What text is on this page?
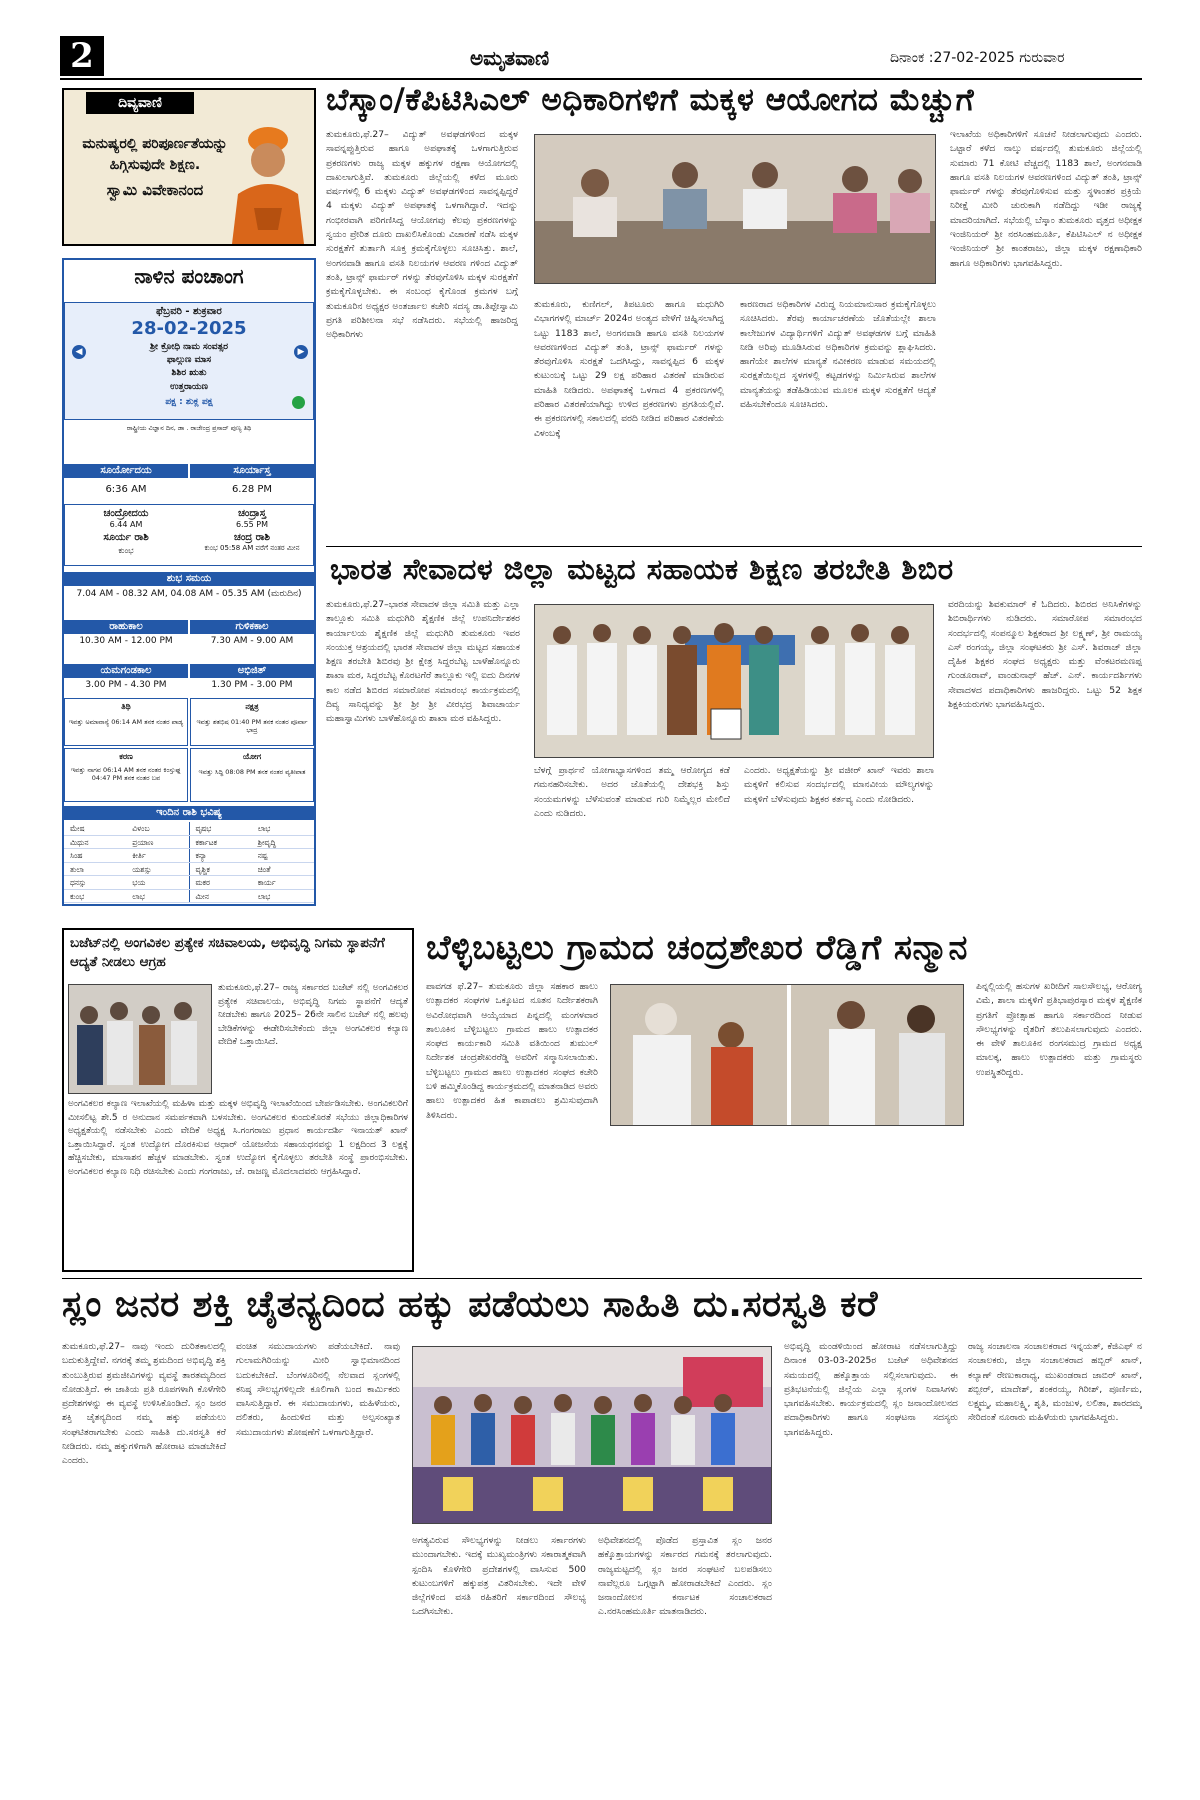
2	ಅಮೃತವಾಣಿ	ದಿನಾಂಕ :27-02-2025 ಗುರುವಾರ
ದಿವ್ಯವಾಣಿ
ಮನುಷ್ಯರಲ್ಲಿ ಪರಿಪೂರ್ಣತೆಯನ್ನು ಹಿಗ್ಗಿಸುವುದೇ ಶಿಕ್ಷಣ.
ಸ್ವಾಮಿ ವಿವೇಕಾನಂದ
ನಾಳಿನ ಪಂಚಾಂಗ
ಫೆಬ್ರವರಿ - ಶುಕ್ರವಾರ
28-02-2025
◀	▶
ಶ್ರೀ ಕ್ರೋಧಿ ನಾಮ ಸಂವತ್ಸರ
ಫಾಲ್ಗುಣ ಮಾಸ
ಶಿಶಿರ ಋತು
ಉತ್ತರಾಯಣ
ಪಕ್ಷ : ಶುಕ್ಲ ಪಕ್ಷ
ರಾಷ್ಟ್ರೀಯ ವಿಜ್ಞಾನ ದಿನ, ಡಾ . ರಾಜೇಂದ್ರ ಪ್ರಸಾದ್ ಪುಣ್ಯ ತಿಥಿ
ಸೂರ್ಯೋದಯ	ಸೂರ್ಯಾಸ್ತ
6:36 AM	6.28 PM
ಚಂದ್ರೋದಯ	ಚಂದ್ರಾಸ್ತ
6.44 AM	6.55 PM
ಸೂರ್ಯ ರಾಶಿ	ಚಂದ್ರ ರಾಶಿ
ಕುಂಭ	ಕುಂಭ 05:58 AM ವರೆಗೆ ನಂತರ ಮೀನ
ಶುಭ ಸಮಯ
7.04 AM - 08.32 AM, 04.08 AM - 05.35 AM (ಮರುದಿನ)
ರಾಹುಕಾಲ	ಗುಳಿಕಕಾಲ
10.30 AM - 12.00 PM	7.30 AM - 9.00 AM
ಯಮಗಂಡಕಾಲ	ಅಭಿಜಿತ್
3.00 PM - 4.30 PM	1.30 PM - 3.00 PM
ತಿಥಿ	ನಕ್ಷತ್ರ
ಇವತ್ತು ಅಮಾವಾಸ್ಯೆ 06:14 AM ತನಕ ನಂತರ ಪಾಡ್ಯ	ಇವತ್ತು ಶತಭಿಷ 01:40 PM ತನಕ ನಂತರ ಪೂರ್ವಾ ಭಾದ್ರ
ಕರಣ	ಯೋಗ
ಇವತ್ತು ನಾಗವ 06:14 AM ತನಕ ನಂತರ ಕಿಂಸ್ತುಘ್ನ 04:47 PM ತನಕ ನಂತರ ಬವ
ಇವತ್ತು ಸಿದ್ಧಿ 08:08 PM ತನಕ ನಂತರ ವ್ಯತೀಪಾತ
ಇಂದಿನ ರಾಶಿ ಭವಿಷ್ಯ
ಮೇಷ	ವಿಳಂಬ	ವೃಷಭ	ಲಾಭ
ಮಿಥುನ	ಪ್ರಯಾಣ	ಕರ್ಕಾಟಕ	ಶ್ರೀವೃದ್ಧಿ
ಸಿಂಹ	ಕೀರ್ತಿ	ಕನ್ಯಾ	ನಷ್ಟ
ತುಲಾ	ಯಶಸ್ಸು	ವೃಶ್ಚಿಕ	ಚಿಂತೆ
ಧನಸ್ಸು	ಭಯ	ಮಕರ	ಕಾರ್ಯ
ಕುಂಭ	ಲಾಭ	ಮೀನ	ಲಾಭ
ಬೆಸ್ಕಾಂ/ಕೆಪಿಟಿಸಿಎಲ್ ಅಧಿಕಾರಿಗಳಿಗೆ ಮಕ್ಕಳ ಆಯೋಗದ ಮೆಚ್ಚುಗೆ
ತುಮಕೂರು,ಫೆ.27– ವಿದ್ಯುತ್ ಅವಘಡಗಳಿಂದ ಮಕ್ಕಳ ಸಾವನ್ನಪ್ಪುತ್ತಿರುವ ಹಾಗೂ ಅಪಘಾತಕ್ಕೆ ಒಳಗಾಗುತ್ತಿರುವ ಪ್ರಕರಣಗಳು ರಾಜ್ಯ ಮಕ್ಕಳ ಹಕ್ಕುಗಳ ರಕ್ಷಣಾ ಆಯೋಗದಲ್ಲಿ ದಾಖಲಾಗುತ್ತಿವೆ. ತುಮಕೂರು ಜಿಲ್ಲೆಯಲ್ಲಿ ಕಳೆದ ಮೂರು ವರ್ಷಗಳಲ್ಲಿ 6 ಮಕ್ಕಳು ವಿದ್ಯುತ್ ಅವಘಡಗಳಿಂದ ಸಾವನ್ನಪ್ಪಿದ್ದರೆ 4 ಮಕ್ಕಳು ವಿದ್ಯುತ್ ಅಪಘಾತಕ್ಕೆ ಒಳಗಾಗಿದ್ದಾರೆ. ಇದನ್ನು ಗಂಭೀರವಾಗಿ ಪರಿಗಣಿಸಿದ್ದ ಆಯೋಗವು ಕೆಲವು ಪ್ರಕರಣಗಳನ್ನು ಸ್ವಯಂ ಪ್ರೇರಿತ ದೂರು ದಾಖಲಿಸಿಕೊಂಡು ವಿಚಾರಣೆ ನಡೆಸಿ ಮಕ್ಕಳ ಸುರಕ್ಷತೆಗೆ ತುರ್ತಾಗಿ ಸೂಕ್ತ ಕ್ರಮಕೈಗೊಳ್ಳಲು ಸೂಚಿಸಿತ್ತು. ಶಾಲೆ, ಅಂಗನವಾಡಿ ಹಾಗೂ ವಸತಿ ನಿಲಯಗಳ ಆವರಣ ಗಳಿಂದ ವಿದ್ಯುತ್ ತಂತಿ, ಟ್ರಾನ್ಸ್ ಫಾರ್ಮರ್ ಗಳನ್ನು ತೆರವುಗೊಳಿಸಿ ಮಕ್ಕಳ ಸುರಕ್ಷತೆಗೆ ಕ್ರಮಕೈಗೊಳ್ಳಬೇಕು. ಈ ಸಂಬಂಧ ಕೈಗೊಂಡ ಕ್ರಮಗಳ ಬಗ್ಗೆ ತುಮಕೂರಿನ ಅಧ್ಯಕ್ಷರ ಅಂತರ್ಜಾಲ ಕಚೇರಿ ಸದಸ್ಯ ಡಾ.ತಿಪ್ಪೇಸ್ವಾಮಿ ಪ್ರಗತಿ ಪರಿಶೀಲನಾ ಸಭೆ ನಡೆಸಿದರು. ಸಭೆಯಲ್ಲಿ ಹಾಜರಿದ್ದ ಅಧಿಕಾರಿಗಳು
ತುಮಕೂರು, ಕುಣಿಗಲ್, ತಿಪಟೂರು ಹಾಗೂ ಮಧುಗಿರಿ ವಿಭಾಗಗಳಲ್ಲಿ ಮಾರ್ಚ್ 2024ರ ಅಂತ್ಯದ ವೇಳೆಗೆ ಚಿಹ್ನಿಸಲಾಗಿದ್ದ ಒಟ್ಟು 1183 ಶಾಲೆ, ಅಂಗನವಾಡಿ ಹಾಗೂ ವಸತಿ ನಿಲಯಗಳ ಆವರಣಗಳಿಂದ ವಿದ್ಯುತ್ ತಂತಿ, ಟ್ರಾನ್ಸ್ ಫಾರ್ಮರ್ ಗಳನ್ನು ತೆರವುಗೊಳಿಸಿ ಸುರಕ್ಷತೆ ಒದಗಿಸಿದ್ದು, ಸಾವನ್ನಪ್ಪಿದ 6 ಮಕ್ಕಳ ಕುಟುಂಬಕ್ಕೆ ಒಟ್ಟು 29 ಲಕ್ಷ ಪರಿಹಾರ ವಿತರಣೆ ಮಾಡಿರುವ ಮಾಹಿತಿ ನೀಡಿದರು. ಅಪಘಾತಕ್ಕೆ ಒಳಗಾದ 4 ಪ್ರಕರಣಗಳಲ್ಲಿ ಪರಿಹಾರ ವಿತರಣೆಯಾಗಿದ್ದು ಉಳಿದ ಪ್ರಕರಣಗಳು ಪ್ರಗತಿಯಲ್ಲಿವೆ. ಈ ಪ್ರಕರಣಗಳಲ್ಲಿ ಸಕಾಲದಲ್ಲಿ ವರದಿ ನೀಡಿದ ಪರಿಹಾರ ವಿತರಣೆಯ ವಿಳಂಬಕ್ಕೆ
ಕಾರಣರಾದ ಅಧಿಕಾರಿಗಳ ವಿರುದ್ಧ ನಿಯಮಾನುಸಾರ ಕ್ರಮಕೈಗೊಳ್ಳಲು ಸೂಚಿಸಿದರು. ತೆರವು ಕಾರ್ಯಾಚರಣೆಯ ಜೊತೆಯಲ್ಲೇ ಶಾಲಾ ಕಾಲೇಜುಗಳ ವಿದ್ಯಾರ್ಥಿಗಳಿಗೆ ವಿದ್ಯುತ್ ಅವಘಡಗಳ ಬಗ್ಗೆ ಮಾಹಿತಿ ನೀಡಿ ಅರಿವು ಮೂಡಿಸಿರುವ ಅಧಿಕಾರಿಗಳ ಕ್ರಮವನ್ನು ಶ್ಲಾಘಿಸಿದರು. ಹಾಗೆಯೇ ಶಾಲೆಗಳ ಮಾನ್ಯತೆ ನವೀಕರಣ ಮಾಡುವ ಸಮಯದಲ್ಲಿ ಸುರಕ್ಷತೆಯಿಲ್ಲದ ಸ್ಥಳಗಳಲ್ಲಿ ಕಟ್ಟಡಗಳನ್ನು ನಿರ್ಮಿಸಿರುವ ಶಾಲೆಗಳ ಮಾನ್ಯತೆಯನ್ನು ತಡೆಹಿಡಿಯುವ ಮೂಲಕ ಮಕ್ಕಳ ಸುರಕ್ಷತೆಗೆ ಆದ್ಯತೆ ವಹಿಸಬೇಕೆಂದೂ ಸೂಚಿಸಿದರು.
ಇಲಾಖೆಯ ಅಧಿಕಾರಿಗಳಿಗೆ ಸೂಚನೆ ನೀಡಲಾಗುವುದು ಎಂದರು. ಒಟ್ಟಾರೆ ಕಳೆದ ನಾಲ್ಕು ವರ್ಷದಲ್ಲಿ ತುಮಕೂರು ಜಿಲ್ಲೆಯಲ್ಲಿ ಸುಮಾರು 71 ಕೋಟಿ ವೆಚ್ಚದಲ್ಲಿ 1183 ಶಾಲೆ, ಅಂಗನವಾಡಿ ಹಾಗೂ ವಸತಿ ನಿಲಯಗಳ ಆವರಣಗಳಿಂದ ವಿದ್ಯುತ್ ತಂತಿ, ಟ್ರಾನ್ಸ್ ಫಾರ್ಮರ್ ಗಳನ್ನು ತೆರವುಗೊಳಿಸುವ ಮತ್ತು ಸ್ಥಳಾಂತರ ಪ್ರಕ್ರಿಯೆ ನಿರೀಕ್ಷೆ ಮೀರಿ ಚುರುಕಾಗಿ ನಡೆದಿದ್ದು ಇಡೀ ರಾಜ್ಯಕ್ಕೆ ಮಾದರಿಯಾಗಿದೆ. ಸಭೆಯಲ್ಲಿ ಬೆಸ್ಕಾಂ ತುಮಕೂರು ವೃತ್ತದ ಅಧೀಕ್ಷಕ ಇಂಜಿನಿಯರ್ ಶ್ರೀ ನರಸಿಂಹಮೂರ್ತಿ, ಕೆಪಿಟಿಸಿಎಲ್ ನ ಅಧೀಕ್ಷಕ ಇಂಜಿನಿಯರ್ ಶ್ರೀ ಕಾಂತರಾಜು, ಜಿಲ್ಲಾ ಮಕ್ಕಳ ರಕ್ಷಣಾಧಿಕಾರಿ ಹಾಗೂ ಅಧಿಕಾರಿಗಳು ಭಾಗವಹಿಸಿದ್ದರು.
ಭಾರತ ಸೇವಾದಳ ಜಿಲ್ಲಾ ಮಟ್ಟದ ಸಹಾಯಕ ಶಿಕ್ಷಣ ತರಬೇತಿ ಶಿಬಿರ
ತುಮಕೂರು,ಫೆ.27–ಭಾರತ ಸೇವಾದಳ ಜಿಲ್ಲಾ ಸಮಿತಿ ಮತ್ತು ಎಲ್ಲಾ ತಾಲ್ಲೂಕು ಸಮಿತಿ ಮಧುಗಿರಿ ಶೈಕ್ಷಣಿಕ ಜಿಲ್ಲೆ ಉಪನಿರ್ದೇಶಕರ ಕಾರ್ಯಾಲಯ ಶೈಕ್ಷಣಿಕ ಜಿಲ್ಲೆ ಮಧುಗಿರಿ ತುಮಕೂರು ಇವರ ಸಂಯುಕ್ತ ಆಶ್ರಯದಲ್ಲಿ ಭಾರತ ಸೇವಾದಳ ಜಿಲ್ಲಾ ಮಟ್ಟದ ಸಹಾಯಕ ಶಿಕ್ಷಣ ತರಬೇತಿ ಶಿಬಿರವು ಶ್ರೀ ಕ್ಷೇತ್ರ ಸಿದ್ದರಬೆಟ್ಟ ಬಾಳೆಹೊನ್ನೂರು ಶಾಖಾ ಮಠ, ಸಿದ್ದರಬೆಟ್ಟ ಕೊರಟಗೆರೆ ತಾಲ್ಲೂಕು ಇಲ್ಲಿ ಐದು ದಿನಗಳ ಕಾಲ ನಡೆದ ಶಿಬಿರದ ಸಮಾರೋಪ ಸಮಾರಂಭ ಕಾರ್ಯಕ್ರಮದಲ್ಲಿ ದಿವ್ಯ ಸಾನಿಧ್ಯವನ್ನು ಶ್ರೀ ಶ್ರೀ ಶ್ರೀ ವೀರಭದ್ರ ಶಿವಾಚಾರ್ಯ ಮಹಾಸ್ವಾಮಿಗಳು ಬಾಳೆಹೊನ್ನೂರು ಶಾಖಾ ಮಠ ವಹಿಸಿದ್ದರು.
ಬೆಳಗ್ಗೆ ಪ್ರಾರ್ಥನೆ ಯೋಗಾಭ್ಯಾಸಗಳಿಂದ ತಮ್ಮ ಆರೋಗ್ಯದ ಕಡೆ ಗಮನಹರಿಸಬೇಕು. ಅದರ ಜೊತೆಯಲ್ಲಿ ದೇಶಭಕ್ತಿ ಶಿಸ್ತು ಸಂಯಮಗಳನ್ನು ಬೆಳೆಸುವಂತೆ ಮಾಡುವ ಗುರಿ ನಿಮ್ಮೆಲ್ಲರ ಮೇಲಿದೆ ಎಂದು ನುಡಿದರು.
ಎಂದರು. ಅಧ್ಯಕ್ಷತೆಯನ್ನು ಶ್ರೀ ವಜೀರ್ ಖಾನ್ ಇವರು ಶಾಲಾ ಮಕ್ಕಳಿಗೆ ಕಲಿಸುವ ಸಂದರ್ಭದಲ್ಲಿ ಮಾನವೀಯ ಮೌಲ್ಯಗಳನ್ನು ಮಕ್ಕಳಿಗೆ ಬೆಳೆಸುವುದು ಶಿಕ್ಷಕರ ಕರ್ತವ್ಯ ಎಂದು ನೋಡಿದರು.
ವರದಿಯನ್ನು ಶಿವಕುಮಾರ್ ಕೆ ಓದಿದರು. ಶಿಬಿರದ ಅನಿಸಿಕೆಗಳನ್ನು ಶಿಬಿರಾರ್ಥಿಗಳು ನುಡಿದರು. ಸಮಾರೋಪ ಸಮಾರಂಭದ ಸಂದರ್ಭದಲ್ಲಿ ಸಂಪನ್ಮೂಲ ಶಿಕ್ಷಕರಾದ ಶ್ರೀ ಲಕ್ಷ್ಮಣ್, ಶ್ರೀ ರಾಮಯ್ಯ ಎಸ್ ರಂಗಯ್ಯ, ಜಿಲ್ಲಾ ಸಂಘಟಕರು ಶ್ರೀ ಎಸ್. ಶಿವರಾಜ್ ಜಿಲ್ಲಾ ದೈಹಿಕ ಶಿಕ್ಷಕರ ಸಂಘದ ಅಧ್ಯಕ್ಷರು ಮತ್ತು ವೆಂಕಟರಮಣಪ್ಪ ಗುಂಡೂರಾವ್, ವಾಂಡುನಾಥ್ ಹೆಚ್. ಎನ್. ಕಾರ್ಯದರ್ಶಿಗಳು ಸೇವಾದಳದ ಪದಾಧಿಕಾರಿಗಳು ಹಾಜರಿದ್ದರು. ಒಟ್ಟು 52 ಶಿಕ್ಷಕ ಶಿಕ್ಷಕಿಯರುಗಳು ಭಾಗವಹಿಸಿದ್ದರು.
ಬಜೆಟ್‌ನಲ್ಲಿ ಅಂಗವಿಕಲ ಪ್ರತ್ಯೇಕ ಸಚಿವಾಲಯ, ಅಭಿವೃದ್ಧಿ ನಿಗಮ ಸ್ಥಾಪನೆಗೆ ಆದ್ಯತೆ ನೀಡಲು ಆಗ್ರಹ
ತುಮಕೂರು,ಫೆ.27– ರಾಜ್ಯ ಸರ್ಕಾರದ ಬಜೆಟ್ ನಲ್ಲಿ ಅಂಗವಿಕಲರ ಪ್ರತ್ಯೇಕ ಸಚಿವಾಲಯ, ಅಭಿವೃದ್ಧಿ ನಿಗಮ ಸ್ಥಾಪನೆಗೆ ಆದ್ಯತೆ ನೀಡಬೇಕು ಹಾಗೂ 2025– 26ನೇ ಸಾಲಿನ ಬಜೆಟ್ ನಲ್ಲಿ ಹಲವು ಬೇಡಿಕೆಗಳನ್ನು ಈಡೇರಿಸಬೇಕೆಂದು ಜಿಲ್ಲಾ ಅಂಗವಿಕಲರ ಕಲ್ಯಾಣ ವೇದಿಕೆ ಒತ್ತಾಯಿಸಿದೆ.
ಅಂಗವಿಕಲರ ಕಲ್ಯಾಣ ಇಲಾಖೆಯಲ್ಲಿ ಮಹಿಳಾ ಮತ್ತು ಮಕ್ಕಳ ಅಭಿವೃದ್ಧಿ ಇಲಾಖೆಯಿಂದ ಬೇರ್ಪಡಿಸಬೇಕು. ಅಂಗವಿಕಲರಿಗೆ ಮೀಸಲಿಟ್ಟ ಶೇ.5 ರ ಅನುದಾನ ಸಮರ್ಪಕವಾಗಿ ಬಳಸಬೇಕು. ಅಂಗವಿಕಲರ ಕುಂದುಕೊರತೆ ಸಭೆಯು ಜಿಲ್ಲಾಧಿಕಾರಿಗಳ ಅಧ್ಯಕ್ಷತೆಯಲ್ಲಿ ನಡೆಸಬೇಕು ಎಂದು ವೇದಿಕೆ ಅಧ್ಯಕ್ಷ ಸಿ.ಗಂಗರಾಜು ಪ್ರಧಾನ ಕಾರ್ಯದರ್ಶಿ ಇನಾಯತ್ ಖಾನ್ ಒತ್ತಾಯಿಸಿದ್ದಾರೆ. ಸ್ವಂತ ಉದ್ಯೋಗ ದೊರಕಿಸುವ ಆಧಾರ್ ಯೋಜನೆಯ ಸಹಾಯಧನವನ್ನು 1 ಲಕ್ಷದಿಂದ 3 ಲಕ್ಷಕ್ಕೆ ಹೆಚ್ಚಿಸಬೇಕು, ಮಾಸಾಶನ ಹೆಚ್ಚಳ ಮಾಡಬೇಕು. ಸ್ವಂತ ಉದ್ಯೋಗ ಕೈಗೊಳ್ಳಲು ತರಬೇತಿ ಸಂಸ್ಥೆ ಪ್ರಾರಂಭಿಸಬೇಕು. ಅಂಗವಿಕಲರ ಕಲ್ಯಾಣ ನಿಧಿ ರಚಿಸಬೇಕು ಎಂದು ಗಂಗರಾಜು, ಜೆ. ರಾಜಣ್ಣ ಮೊದಲಾದವರು ಆಗ್ರಹಿಸಿದ್ದಾರೆ.
ಬೆಳ್ಳಿಬಟ್ಟಲು ಗ್ರಾಮದ ಚಂದ್ರಶೇಖರ ರೆಡ್ಡಿಗೆ ಸನ್ಮಾನ
ಪಾವಗಡ ಫೆ.27– ತುಮಕೂರು ಜಿಲ್ಲಾ ಸಹಕಾರ ಹಾಲು ಉತ್ಪಾದಕರ ಸಂಘಗಳ ಒಕ್ಕೂಟದ ನೂತನ ನಿರ್ದೇಶಕರಾಗಿ ಅವಿರೋಧವಾಗಿ ಆಯ್ಕೆಯಾದ ಪಿನ್ನದಲ್ಲಿ ಮಂಗಳವಾರ ತಾಲೂಕಿನ ಬೆಳ್ಳಿಬಟ್ಟಲು ಗ್ರಾಮದ ಹಾಲು ಉತ್ಪಾದಕರ ಸಂಘದ ಕಾರ್ಯಕಾರಿ ಸಮಿತಿ ವತಿಯಿಂದ ತುಮುಲ್ ನಿರ್ದೇಶಕ ಚಂದ್ರಶೇಖರರೆಡ್ಡಿ ಅವರಿಗೆ ಸನ್ಮಾನಿಸಲಾಯಿತು. ಬೆಳ್ಳಿಬಟ್ಟಲು ಗ್ರಾಮದ ಹಾಲು ಉತ್ಪಾದಕರ ಸಂಘದ ಕಚೇರಿ ಬಳಿ ಹಮ್ಮಿಕೊಂಡಿದ್ದ ಕಾರ್ಯಕ್ರಮದಲ್ಲಿ ಮಾತನಾಡಿದ ಅವರು ಹಾಲು ಉತ್ಪಾದಕರ ಹಿತ ಕಾಪಾಡಲು ಶ್ರಮಿಸುವುದಾಗಿ ತಿಳಿಸಿದರು.
ಪಿನ್ನಲ್ಲಿಯಲ್ಲಿ ಹಸುಗಳ ಖರೀದಿಗೆ ಸಾಲಸೌಲಭ್ಯ, ಆರೋಗ್ಯ ವಿಮೆ, ಶಾಲಾ ಮಕ್ಕಳಿಗೆ ಪ್ರತಿಭಾಪುರಸ್ಕಾರ ಮಕ್ಕಳ ಶೈಕ್ಷಣಿಕ ಪ್ರಗತಿಗೆ ಪ್ರೋತ್ಸಾಹ ಹಾಗೂ ಸರ್ಕಾರದಿಂದ ನೀಡುವ ಸೌಲಭ್ಯಗಳನ್ನು ರೈತರಿಗೆ ತಲುಪಿಸಲಾಗುವುದು ಎಂದರು. ಈ ವೇಳೆ ತಾಲೂಕಿನ ರಂಗಸಮುದ್ರ ಗ್ರಾಮದ ಅಧ್ಯಕ್ಷ ಮಾಲಕ್ಕ, ಹಾಲು ಉತ್ಪಾದಕರು ಮತ್ತು ಗ್ರಾಮಸ್ಥರು ಉಪಸ್ಥಿತರಿದ್ದರು.
ಸ್ಲಂ ಜನರ ಶಕ್ತಿ ಚೈತನ್ಯದಿಂದ ಹಕ್ಕು ಪಡೆಯಲು ಸಾಹಿತಿ ದು.ಸರಸ್ವತಿ ಕರೆ
ತುಮಕೂರು,ಫೆ.27– ನಾವು ಇಂದು ದುರಿತಕಾಲದಲ್ಲಿ ಬದುಕುತ್ತಿದ್ದೇವೆ. ನಗರಕ್ಕೆ ತಮ್ಮ ಶ್ರಮದಿಂದ ಅಭಿವೃದ್ಧಿ ಶಕ್ತಿ ತುಂಬುತ್ತಿರುವ ಶ್ರಮಜೀವಿಗಳನ್ನು ವ್ಯವಸ್ಥೆ ತಾರತಮ್ಯದಿಂದ ನೋಡುತ್ತಿದೆ. ಈ ಜಾತಿಯ ಪ್ರತಿ ರೂಪಗಳಾಗಿ ಕೊಳೆಗೇರಿ ಪ್ರದೇಶಗಳನ್ನು ಈ ವ್ಯವಸ್ಥೆ ಉಳಿಸಿಕೊಂಡಿದೆ. ಸ್ಲಂ ಜನರ ಶಕ್ತಿ ಚೈತನ್ಯದಿಂದ ನಮ್ಮ ಹಕ್ಕು ಪಡೆಯಲು ಸಂಘಟಿತರಾಗಬೇಕು ಎಂದು ಸಾಹಿತಿ ದು.ಸರಸ್ವತಿ ಕರೆ ನೀಡಿದರು. ನಮ್ಮ ಹಕ್ಕುಗಳಿಗಾಗಿ ಹೋರಾಟ ಮಾಡಬೇಕಿದೆ ಎಂದರು.
ವಂಚಿತ ಸಮುದಾಯಗಳು ಪಡೆಯಬೇಕಿದೆ. ನಾವು ಗುಲಾಮಗಿರಿಯನ್ನು ಮೀರಿ ಸ್ವಾಭಿಮಾನದಿಂದ ಬದುಕಬೇಕಿದೆ. ಬೆಂಗಳೂರಿನಲ್ಲಿ ನೆಲವಾದ ಸ್ಲಂಗಳಲ್ಲಿ ಕನಿಷ್ಠ ಸೌಲಭ್ಯಗಳಿಲ್ಲದೇ ಕೂಲಿಗಾಗಿ ಬಂದ ಕಾರ್ಮಿಕರು ವಾಸಿಸುತ್ತಿದ್ದಾರೆ. ಈ ಸಮುದಾಯಗಳು, ಮಹಿಳೆಯರು, ದಲಿತರು, ಹಿಂದುಳಿದ ಮತ್ತು ಅಲ್ಪಸಂಖ್ಯಾತ ಸಮುದಾಯಗಳು ಶೋಷಣೆಗೆ ಒಳಗಾಗುತ್ತಿದ್ದಾರೆ.
ಅಗತ್ಯವಿರುವ ಸೌಲಭ್ಯಗಳನ್ನು ನೀಡಲು ಸರ್ಕಾರಗಳು ಮುಂದಾಗಬೇಕು. ಇದಕ್ಕೆ ಮುಖ್ಯಮಂತ್ರಿಗಳು ಸಕಾರಾತ್ಮಕವಾಗಿ ಸ್ಪಂದಿಸಿ ಕೊಳೆಗೇರಿ ಪ್ರದೇಶಗಳಲ್ಲಿ ವಾಸಿಸುವ 500 ಕುಟುಂಬಗಳಿಗೆ ಹಕ್ಕುಪತ್ರ ವಿತರಿಸಬೇಕು. ಇದೇ ವೇಳೆ ಜಿಲ್ಲೆಗಳಿಂದ ವಸತಿ ರಹಿತರಿಗೆ ಸರ್ಕಾರದಿಂದ ಸೌಲಭ್ಯ ಒದಗಿಸಬೇಕು.
ಅಧಿವೇಶನದಲ್ಲಿ ಪೊಡೆದ ಪ್ರಸ್ತಾವಿತ ಸ್ಲಂ ಜನರ ಹಕ್ಕೊತ್ತಾಯಗಳನ್ನು ಸರ್ಕಾರದ ಗಮನಕ್ಕೆ ತರಲಾಗುವುದು. ರಾಜ್ಯಮಟ್ಟದಲ್ಲಿ ಸ್ಲಂ ಜನರ ಸಂಘಟನೆ ಬಲಪಡಿಸಲು ನಾವೆಲ್ಲರೂ ಒಗ್ಗಟ್ಟಾಗಿ ಹೋರಾಡಬೇಕಿದೆ ಎಂದರು. ಸ್ಲಂ ಜನಾಂದೋಲನ ಕರ್ನಾಟಕ ಸಂಚಾಲಕರಾದ ಎ.ನರಸಿಂಹಮೂರ್ತಿ ಮಾತನಾಡಿದರು.
ಅಭಿವೃದ್ಧಿ ಮಂಡಳಿಯಿಂದ ಹೋರಾಟ ನಡೆಸಲಾಗುತ್ತಿದ್ದು ದಿನಾಂಕ 03-03-2025ರ ಬಜೆಟ್ ಅಧಿವೇಶನದ ಸಮಯದಲ್ಲಿ ಹಕ್ಕೊತ್ತಾಯ ಸಲ್ಲಿಸಲಾಗುವುದು. ಈ ಪ್ರತಿಭಟನೆಯಲ್ಲಿ ಜಿಲ್ಲೆಯ ಎಲ್ಲಾ ಸ್ಲಂಗಳ ನಿವಾಸಿಗಳು ಭಾಗವಹಿಸಬೇಕು. ಕಾರ್ಯಕ್ರಮದಲ್ಲಿ ಸ್ಲಂ ಜನಾಂದೋಲನದ ಪದಾಧಿಕಾರಿಗಳು ಹಾಗೂ ಸಂಘಟನಾ ಸದಸ್ಯರು ಭಾಗವಹಿಸಿದ್ದರು.
ರಾಜ್ಯ ಸಂಚಾಲನಾ ಸಂಚಾಲಕರಾದ ಇನ್ನಯತ್, ಕೆಜಿಎಫ್ ನ ಸಂಚಾಲಕರು, ಜಿಲ್ಲಾ ಸಂಚಾಲಕರಾದ ಹಬ್ಬಿರ್ ಖಾನ್, ಕಲ್ಯಾಣ್ ರೇಣುಕಾರಾಧ್ಯ, ಮುಖಂಡರಾದ ಜಾಬಿರ್ ಖಾನ್, ಶಬ್ಬೀರ್, ಮಾದೇಶ್, ಶಂಕರಯ್ಯ, ಗಿರೀಶ್, ಪೂರ್ಣಿಮ, ಲಕ್ಷ್ಮಮ್ಮ, ಮಹಾಲಕ್ಷ್ಮಿ, ಶೃತಿ, ಮಂಜುಳ, ಲಲಿತಾ, ಶಾರದಮ್ಮ ಸೇರಿದಂತೆ ನೂರಾರು ಮಹಿಳೆಯರು ಭಾಗವಹಿಸಿದ್ದರು.
